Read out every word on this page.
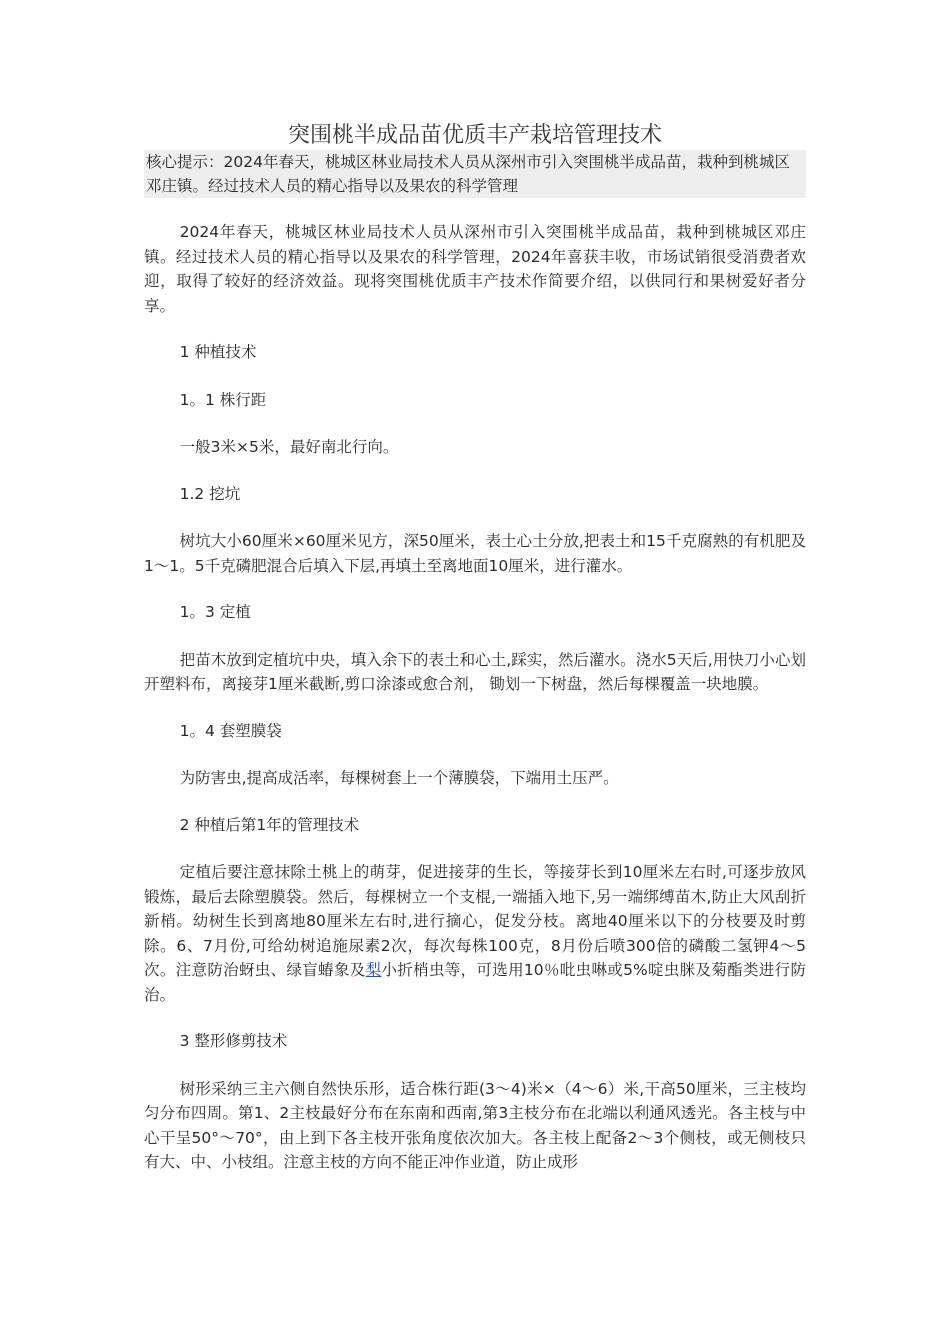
突围桃半成品苗优质丰产栽培管理技术
核心提示：2024年春天，桃城区林业局技术人员从深州市引入突围桃半成品苗，栽种到桃城区邓庄镇。经过技术人员的精心指导以及果农的科学管理

2024年春天，桃城区林业局技术人员从深州市引入突围桃半成品苗，栽种到桃城区邓庄镇。经过技术人员的精心指导以及果农的科学管理，2024年喜获丰收，市场试销很受消费者欢迎，取得了较好的经济效益。现将突围桃优质丰产技术作简要介绍，以供同行和果树爱好者分享。

1 种植技术

1。1 株行距

一般3米×5米，最好南北行向。

1.2 挖坑

树坑大小60厘米×60厘米见方，深50厘米，表土心土分放,把表土和15千克腐熟的有机肥及1～1。5千克磷肥混合后填入下层,再填土至离地面10厘米，进行灌水。

1。3 定植

把苗木放到定植坑中央，填入余下的表土和心土,踩实，然后灌水。浇水5天后,用快刀小心划开塑料布，离接芽1厘米截断,剪口涂漆或愈合剂， 锄划一下树盘，然后每棵覆盖一块地膜。

1。4 套塑膜袋

为防害虫,提高成活率，每棵树套上一个薄膜袋，下端用土压严。

2 种植后第1年的管理技术

定植后要注意抹除土桃上的萌芽，促进接芽的生长，等接芽长到10厘米左右时,可逐步放风锻炼，最后去除塑膜袋。然后，每棵树立一个支棍,一端插入地下,另一端绑缚苗木,防止大风刮折新梢。幼树生长到离地80厘米左右时,进行摘心，促发分枝。离地40厘米以下的分枝要及时剪除。6、7月份,可给幼树追施尿素2次，每次每株100克，8月份后喷300倍的磷酸二氢钾4～5次。注意防治蚜虫、绿盲蝽象及梨小折梢虫等，可选用10％吡虫啉或5%啶虫脒及菊酯类进行防治。

3 整形修剪技术

树形采纳三主六侧自然快乐形，适合株行距(3～4)米×（4～6）米,干高50厘米，三主枝均匀分布四周。第1、2主枝最好分布在东南和西南,第3主枝分布在北端以利通风透光。各主枝与中心干呈50°～70°，由上到下各主枝开张角度依次加大。各主枝上配备2～3个侧枝，或无侧枝只有大、中、小枝组。注意主枝的方向不能正冲作业道，防止成形
